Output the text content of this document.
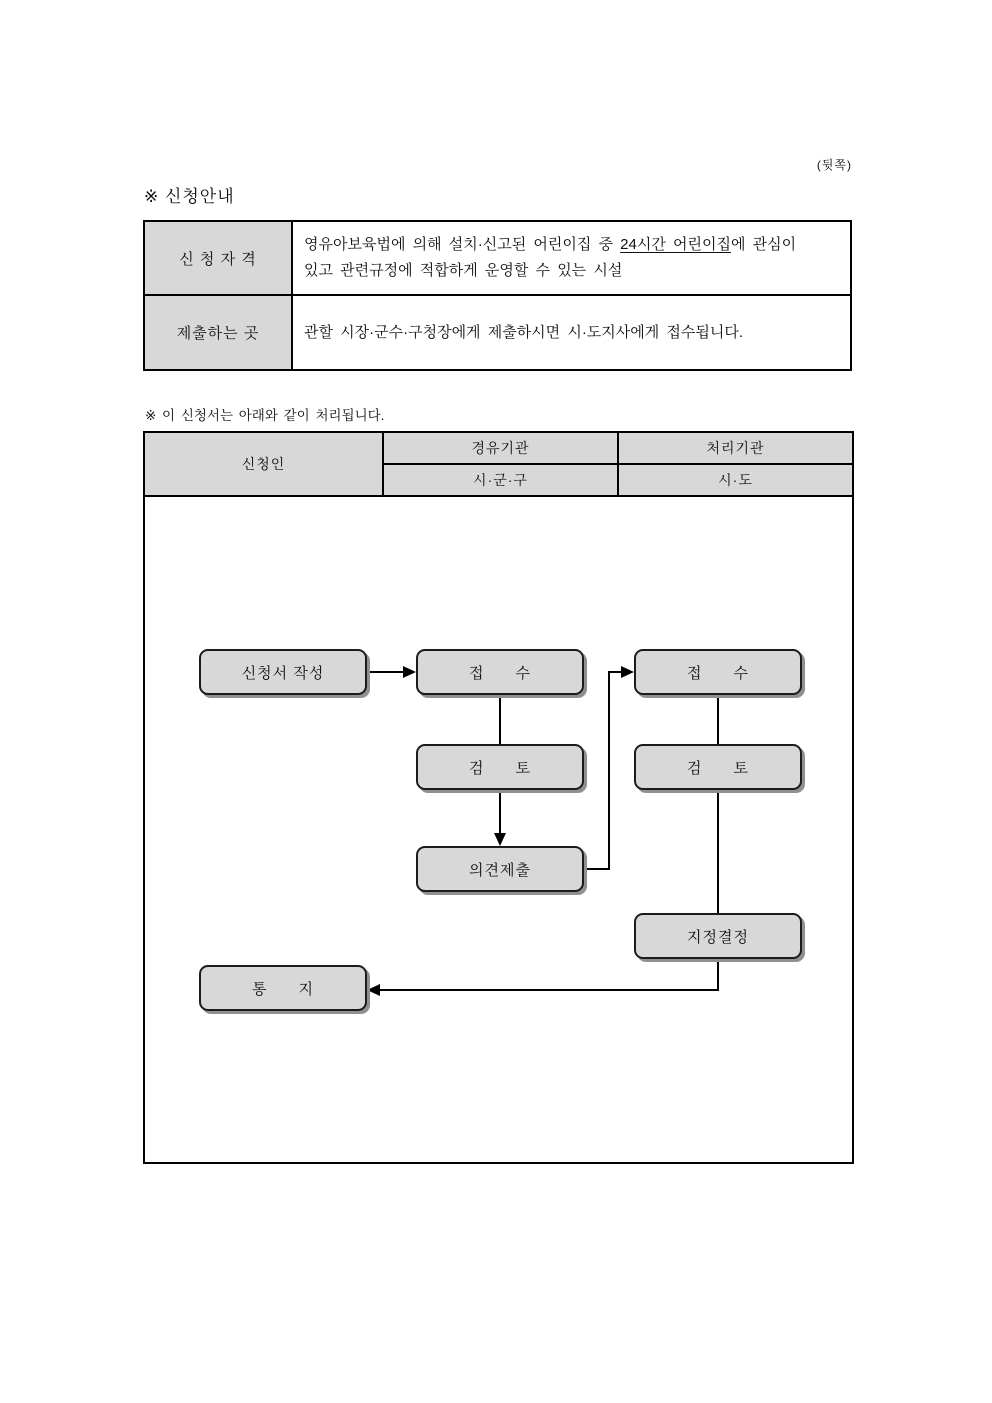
(뒷쪽)
※ 신청안내
신 청 자 격	영유아보육법에 의해 설치·신고된 어린이집 중 24시간 어린이집에 관심이
있고 관련규정에 적합하게 운영할 수 있는 시설
제출하는 곳	관할 시장·군수·구청장에게 제출하시면 시·도지사에게 접수됩니다.
※ 이 신청서는 아래와 같이 처리됩니다.
신청인	경유기관	처리기관
	시·군·구	시·도

신청서 작성	접      수	접      수
검      토	검      토
의견제출
지정결정
통      지
